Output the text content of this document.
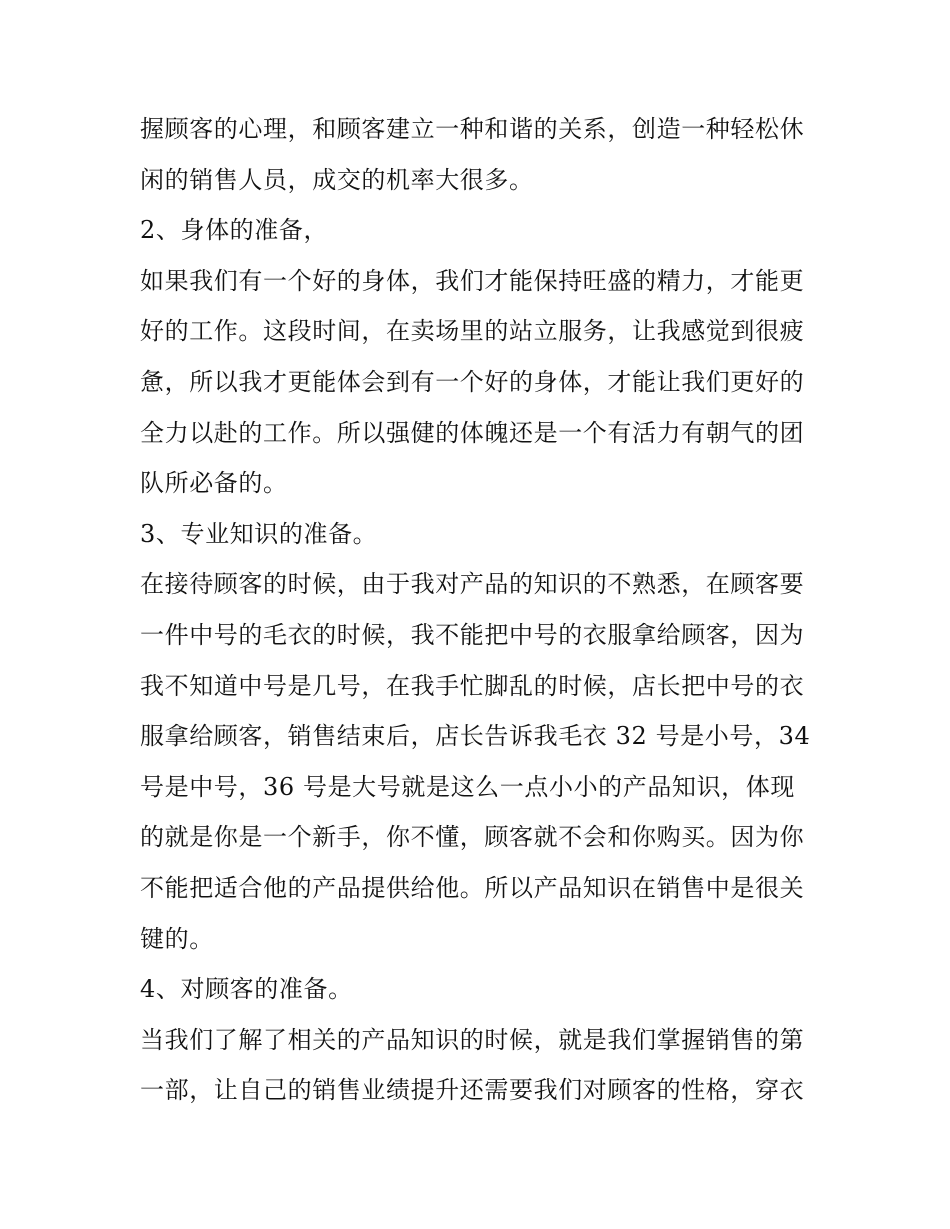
握顾客的心理，和顾客建立一种和谐的关系，创造一种轻松休
闲的销售人员，成交的机率大很多。
2、身体的准备，
如果我们有一个好的身体，我们才能保持旺盛的精力，才能更
好的工作。这段时间，在卖场里的站立服务，让我感觉到很疲
惫，所以我才更能体会到有一个好的身体，才能让我们更好的
全力以赴的工作。所以强健的体魄还是一个有活力有朝气的团
队所必备的。
3、专业知识的准备。
在接待顾客的时候，由于我对产品的知识的不熟悉，在顾客要
一件中号的毛衣的时候，我不能把中号的衣服拿给顾客，因为
我不知道中号是几号，在我手忙脚乱的时候，店长把中号的衣
服拿给顾客，销售结束后，店长告诉我毛衣 32 号是小号，34
号是中号，36 号是大号就是这么一点小小的产品知识，体现
的就是你是一个新手，你不懂，顾客就不会和你购买。因为你
不能把适合他的产品提供给他。所以产品知识在销售中是很关
键的。
4、对顾客的准备。
当我们了解了相关的产品知识的时候，就是我们掌握销售的第
一部，让自己的销售业绩提升还需要我们对顾客的性格，穿衣
